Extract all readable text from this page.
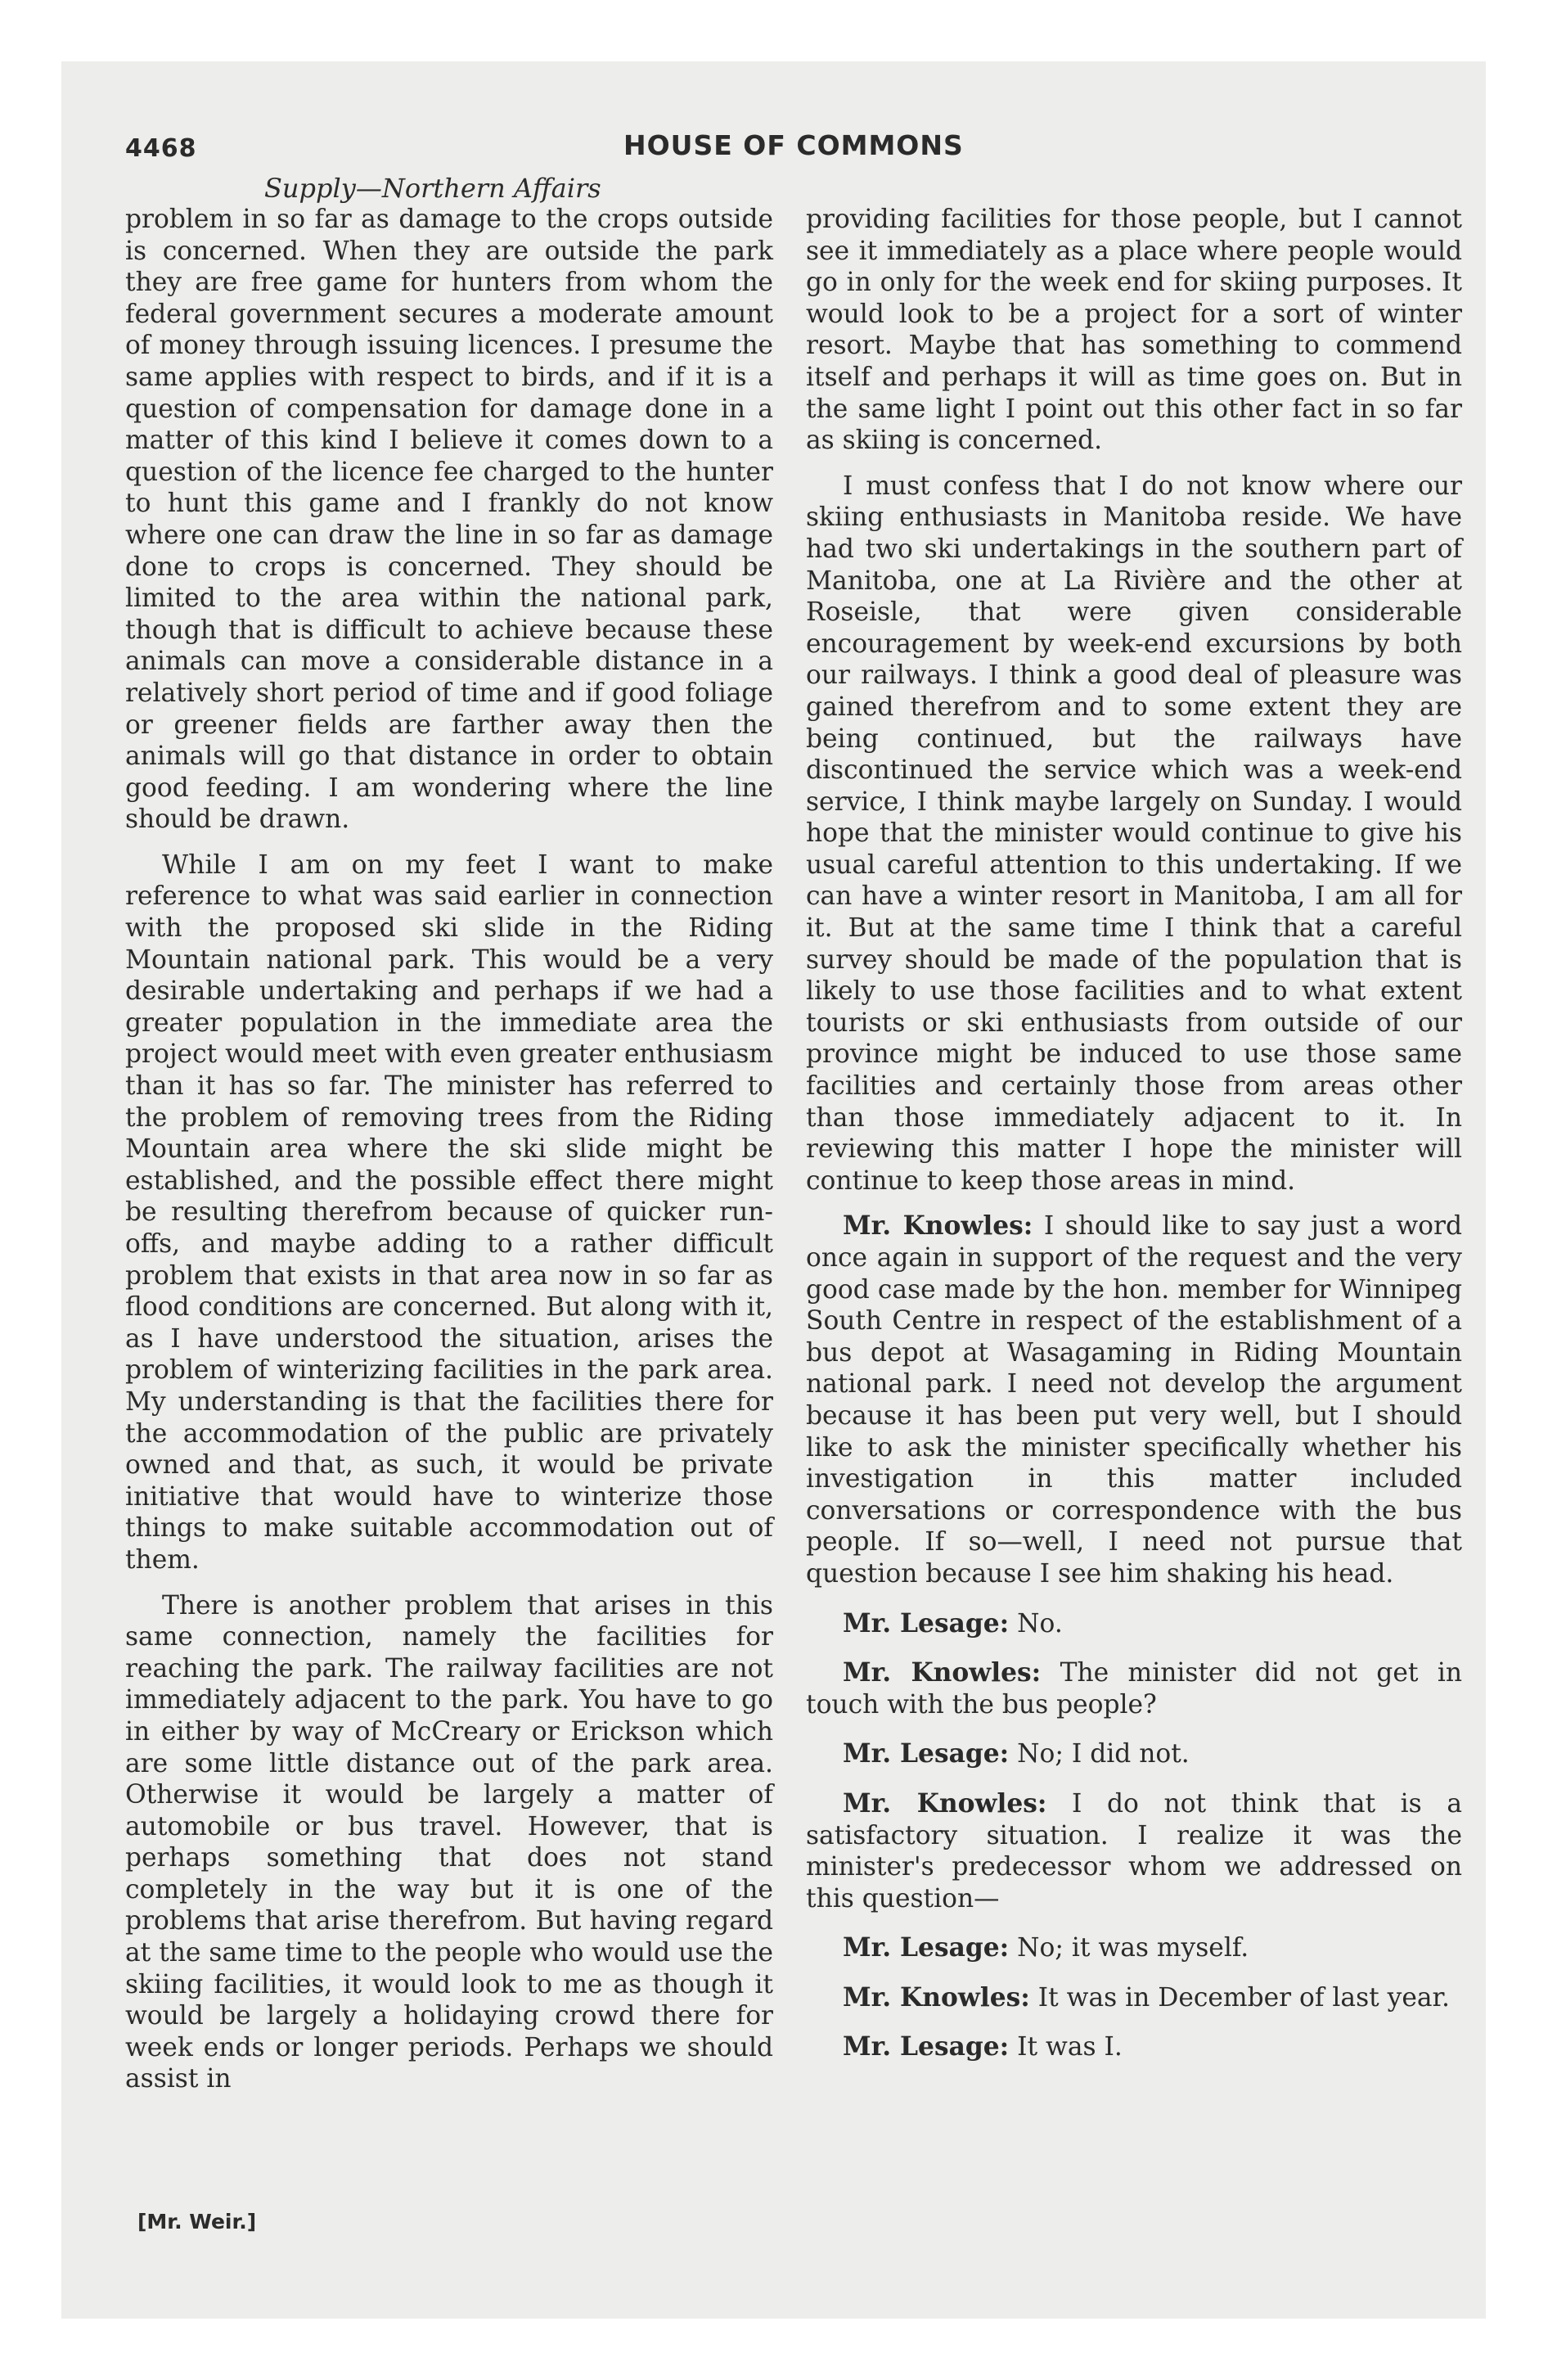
4468	HOUSE OF COMMONS
Supply—Northern Affairs

problem in so far as damage to the crops outside is concerned. When they are outside the park they are free game for hunters from whom the federal government secures a moderate amount of money through issuing licences. I presume the same applies with respect to birds, and if it is a question of compensation for damage done in a matter of this kind I believe it comes down to a question of the licence fee charged to the hunter to hunt this game and I frankly do not know where one can draw the line in so far as damage done to crops is concerned. They should be limited to the area within the national park, though that is difficult to achieve because these animals can move a considerable distance in a relatively short period of time and if good foliage or greener fields are farther away then the animals will go that distance in order to obtain good feeding. I am wondering where the line should be drawn.

While I am on my feet I want to make reference to what was said earlier in connection with the proposed ski slide in the Riding Mountain national park. This would be a very desirable undertaking and perhaps if we had a greater population in the immediate area the project would meet with even greater enthusiasm than it has so far. The minister has referred to the problem of removing trees from the Riding Mountain area where the ski slide might be established, and the possible effect there might be resulting therefrom because of quicker run-offs, and maybe adding to a rather difficult problem that exists in that area now in so far as flood conditions are concerned. But along with it, as I have understood the situation, arises the problem of winterizing facilities in the park area. My understanding is that the facilities there for the accommodation of the public are privately owned and that, as such, it would be private initiative that would have to winterize those things to make suitable accommodation out of them.

There is another problem that arises in this same connection, namely the facilities for reaching the park. The railway facilities are not immediately adjacent to the park. You have to go in either by way of McCreary or Erickson which are some little distance out of the park area. Otherwise it would be largely a matter of automobile or bus travel. However, that is perhaps something that does not stand completely in the way but it is one of the problems that arise therefrom. But having regard at the same time to the people who would use the skiing facilities, it would look to me as though it would be largely a holidaying crowd there for week ends or longer periods. Perhaps we should assist in

providing facilities for those people, but I cannot see it immediately as a place where people would go in only for the week end for skiing purposes. It would look to be a project for a sort of winter resort. Maybe that has something to commend itself and perhaps it will as time goes on. But in the same light I point out this other fact in so far as skiing is concerned.

I must confess that I do not know where our skiing enthusiasts in Manitoba reside. We have had two ski undertakings in the southern part of Manitoba, one at La Rivière and the other at Roseisle, that were given considerable encouragement by week-end excursions by both our railways. I think a good deal of pleasure was gained therefrom and to some extent they are being continued, but the railways have discontinued the service which was a week-end service, I think maybe largely on Sunday. I would hope that the minister would continue to give his usual careful attention to this undertaking. If we can have a winter resort in Manitoba, I am all for it. But at the same time I think that a careful survey should be made of the population that is likely to use those facilities and to what extent tourists or ski enthusiasts from outside of our province might be induced to use those same facilities and certainly those from areas other than those immediately adjacent to it. In reviewing this matter I hope the minister will continue to keep those areas in mind.

Mr. Knowles: I should like to say just a word once again in support of the request and the very good case made by the hon. member for Winnipeg South Centre in respect of the establishment of a bus depot at Wasagaming in Riding Mountain national park. I need not develop the argument because it has been put very well, but I should like to ask the minister specifically whether his investigation in this matter included conversations or correspondence with the bus people. If so—well, I need not pursue that question because I see him shaking his head.

Mr. Lesage: No.

Mr. Knowles: The minister did not get in touch with the bus people?

Mr. Lesage: No; I did not.

Mr. Knowles: I do not think that is a satisfactory situation. I realize it was the minister's predecessor whom we addressed on this question—

Mr. Lesage: No; it was myself.

Mr. Knowles: It was in December of last year.

Mr. Lesage: It was I.

[Mr. Weir.]
